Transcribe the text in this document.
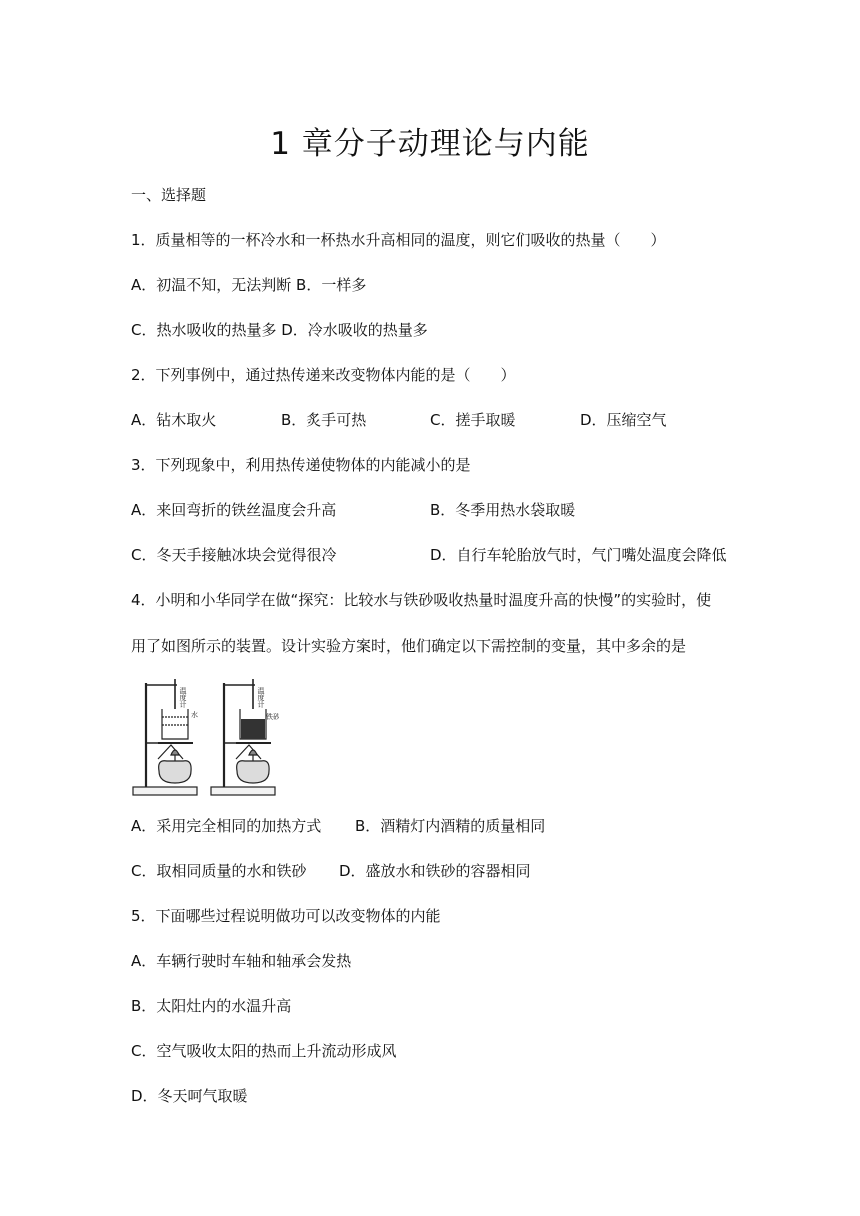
1 章分子动理论与内能
一、选择题
1．质量相等的一杯冷水和一杯热水升高相同的温度，则它们吸收的热量（　　）
A．初温不知，无法判断 B．一样多
C．热水吸收的热量多 D．冷水吸收的热量多
2．下列事例中，通过热传递来改变物体内能的是（　　）
A．钻木取火	B．炙手可热	C．搓手取暖	D．压缩空气
3．下列现象中，利用热传递使物体的内能减小的是
A．来回弯折的铁丝温度会升高	B．冬季用热水袋取暖
C．冬天手接触冰块会觉得很冷	D．自行车轮胎放气时，气门嘴处温度会降低
4．小明和小华同学在做“探究：比较水与铁砂吸收热量时温度升高的快慢”的实验时，使
用了如图所示的装置。设计实验方案时，他们确定以下需控制的变量，其中多余的是
温度计
水
温度计
铁砂
A．采用完全相同的加热方式 B．酒精灯内酒精的质量相同
C．取相同质量的水和铁砂 D．盛放水和铁砂的容器相同
5．下面哪些过程说明做功可以改变物体的内能
A．车辆行驶时车轴和轴承会发热
B．太阳灶内的水温升高
C．空气吸收太阳的热而上升流动形成风
D．冬天呵气取暖
